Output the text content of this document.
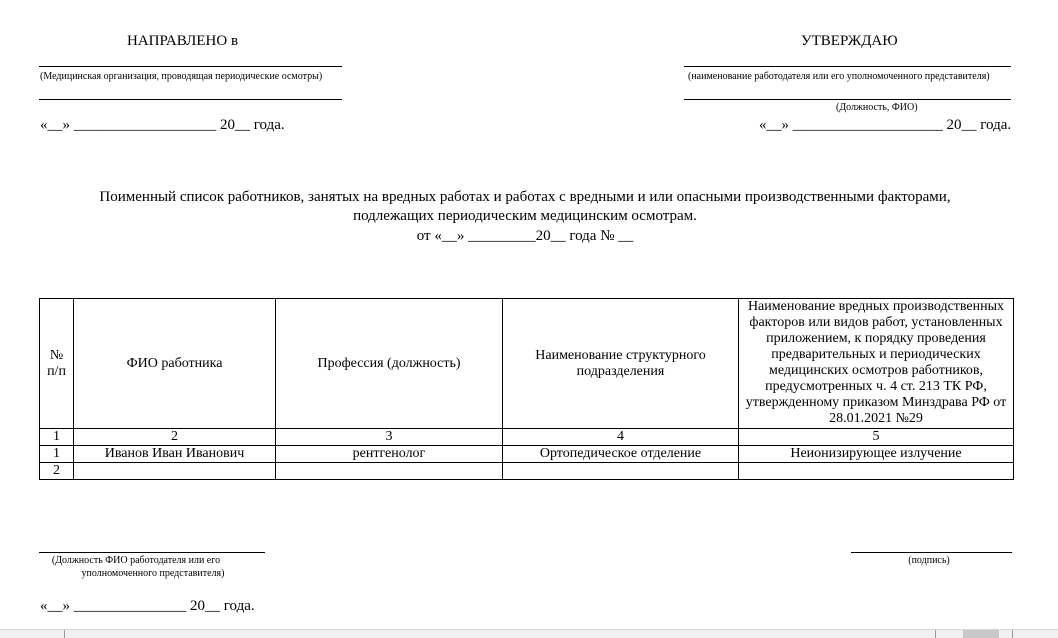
НАПРАВЛЕНО в
(Медицинская организация, проводящая периодические осмотры)
«__» ___________________ 20__ года.
УТВЕРЖДАЮ
(наименование работодателя или его уполномоченного представителя)
(Должность, ФИО)
«__» ____________________ 20__ года.
Поименный список работников, занятых на вредных работах и работах с вредными и или опасными производственными факторами,
подлежащих периодическим медицинским осмотрам.
от «__» _________20__ года № __
№ п/п	ФИО работника	Профессия (должность)	Наименование структурного подразделения	Наименование вредных производственных факторов или видов работ, установленных приложением, к порядку проведения предварительных и периодических медицинских осмотров работников, предусмотренных ч. 4 ст. 213 ТК РФ, утвержденному приказом Минздрава РФ от 28.01.2021 №29
1	2	3	4	5
1	Иванов Иван Иванович	рентгенолог	Ортопедическое отделение	Неионизирующее излучение
2				
(Должность ФИО работодателя или его
уполномоченного представителя)
(подпись)
«__» _______________ 20__ года.
